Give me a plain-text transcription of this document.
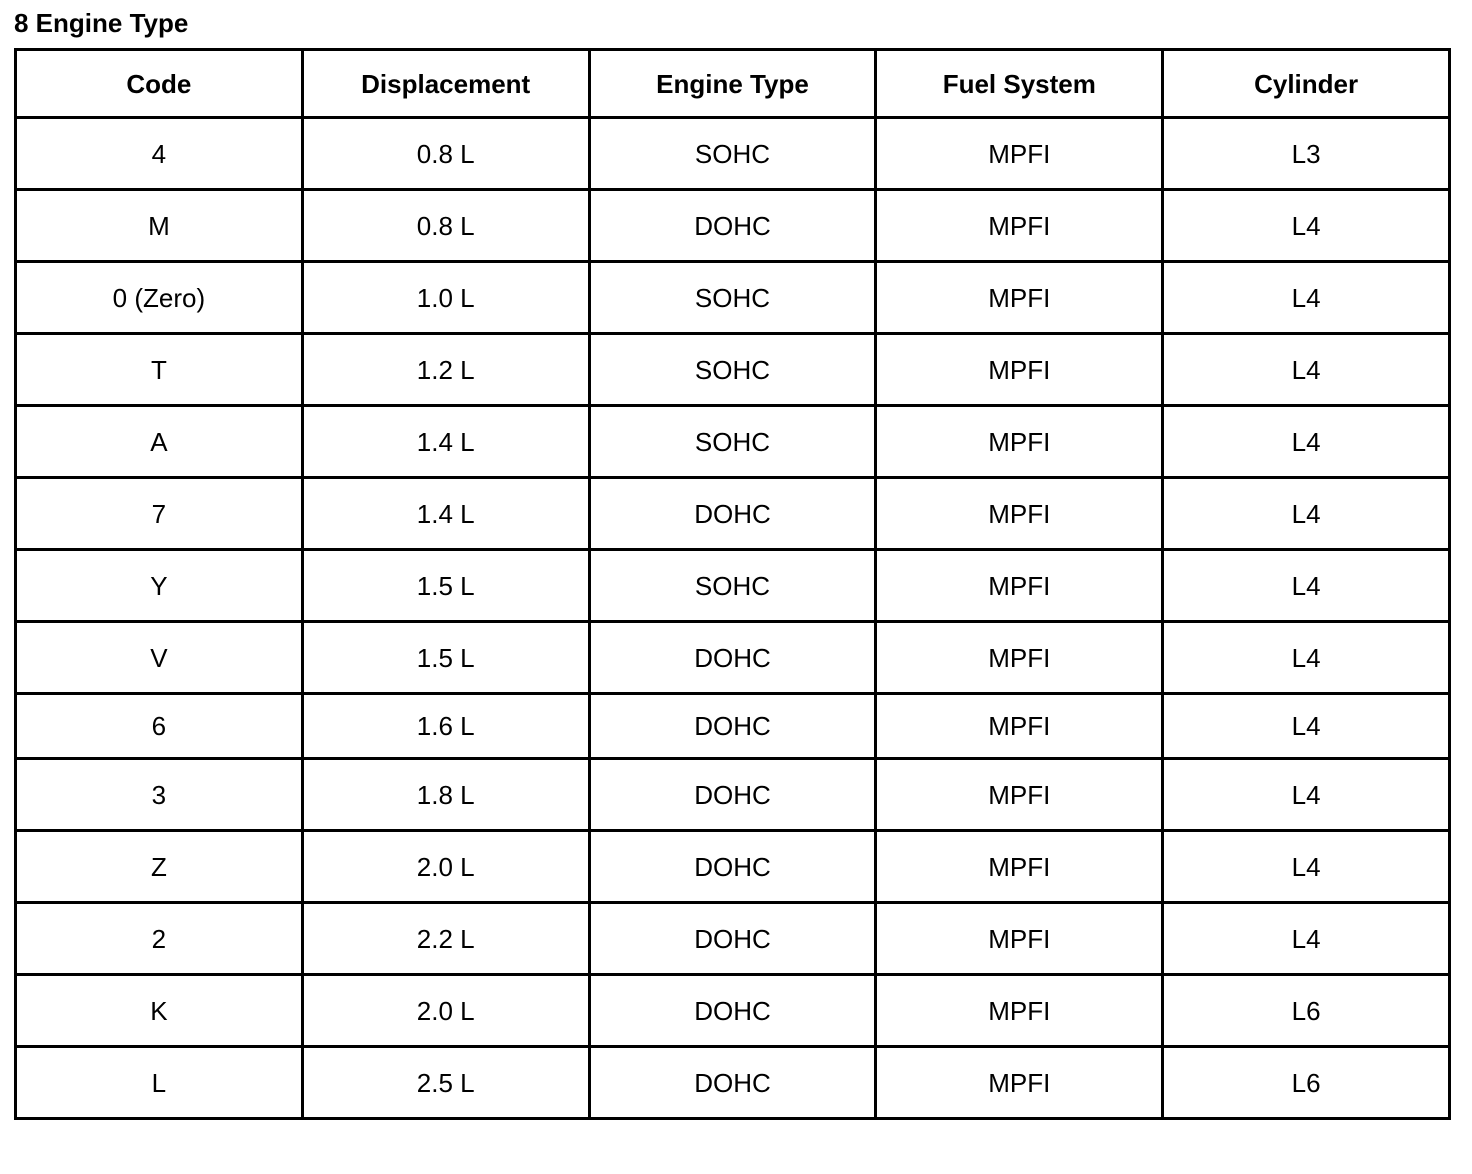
8 Engine Type
Code	Displacement	Engine Type	Fuel System	Cylinder
4	0.8 L	SOHC	MPFI	L3
M	0.8 L	DOHC	MPFI	L4
0 (Zero)	1.0 L	SOHC	MPFI	L4
T	1.2 L	SOHC	MPFI	L4
A	1.4 L	SOHC	MPFI	L4
7	1.4 L	DOHC	MPFI	L4
Y	1.5 L	SOHC	MPFI	L4
V	1.5 L	DOHC	MPFI	L4
6	1.6 L	DOHC	MPFI	L4
3	1.8 L	DOHC	MPFI	L4
Z	2.0 L	DOHC	MPFI	L4
2	2.2 L	DOHC	MPFI	L4
K	2.0 L	DOHC	MPFI	L6
L	2.5 L	DOHC	MPFI	L6
